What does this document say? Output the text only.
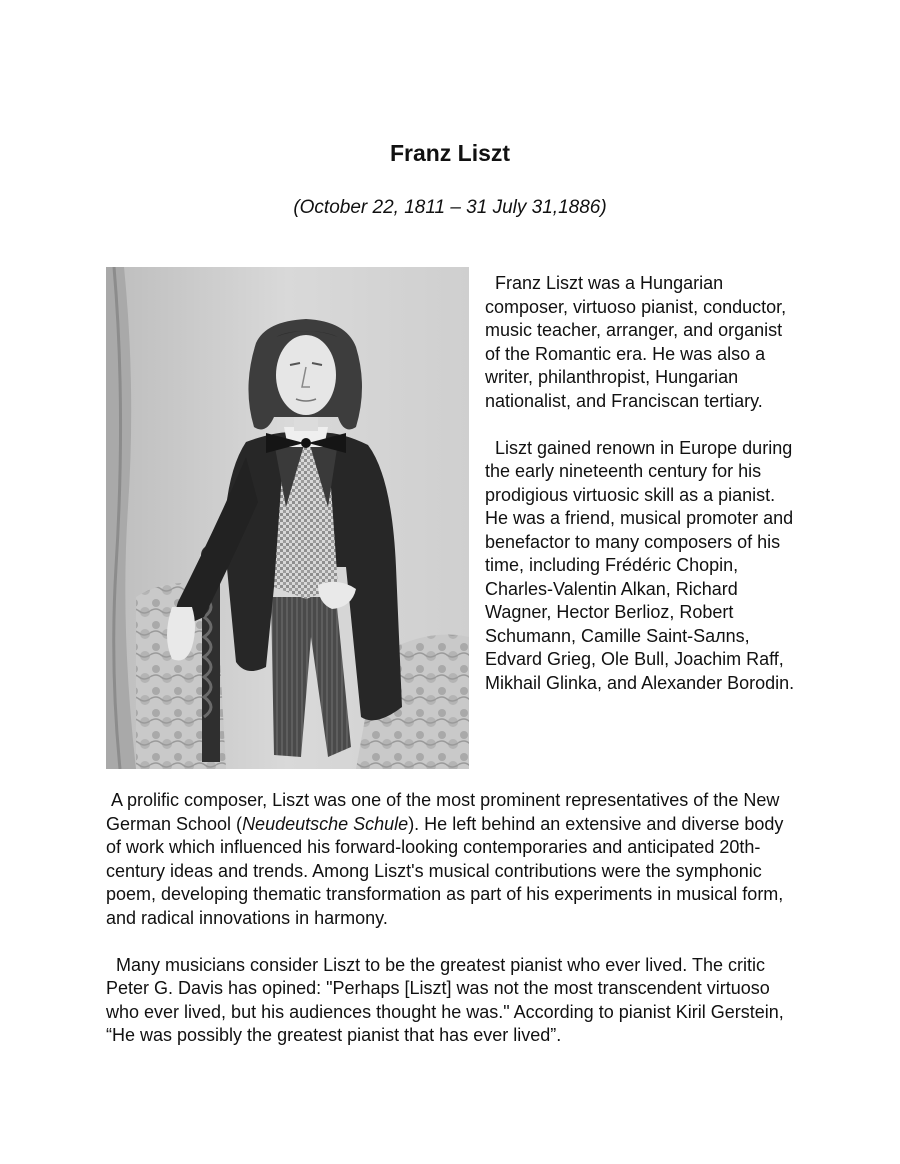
Franz Liszt

(October 22, 1811 – 31 July 31,1886)

Franz Liszt was a Hungarian composer, virtuoso pianist, conductor, music teacher, arranger, and organist of the Romantic era. He was also a writer, philanthropist, Hungarian nationalist, and Franciscan tertiary.

Liszt gained renown in Europe during the early nineteenth century for his prodigious virtuosic skill as a pianist. He was a friend, musical promoter and benefactor to many composers of his time, including Frédéric Chopin, Charles-Valentin Alkan, Richard Wagner, Hector Berlioz, Robert Schumann, Camille Saint-Saлns, Edvard Grieg, Ole Bull, Joachim Raff, Mikhail Glinka, and Alexander Borodin.

A prolific composer, Liszt was one of the most prominent representatives of the New German School (Neudeutsche Schule). He left behind an extensive and diverse body of work which influenced his forward-looking contemporaries and anticipated 20th-century ideas and trends. Among Liszt's musical contributions were the symphonic poem, developing thematic transformation as part of his experiments in musical form, and radical innovations in harmony.

Many musicians consider Liszt to be the greatest pianist who ever lived. The critic Peter G. Davis has opined: "Perhaps [Liszt] was not the most transcendent virtuoso who ever lived, but his audiences thought he was." According to pianist Kiril Gerstein, “He was possibly the greatest pianist that has ever lived”.
